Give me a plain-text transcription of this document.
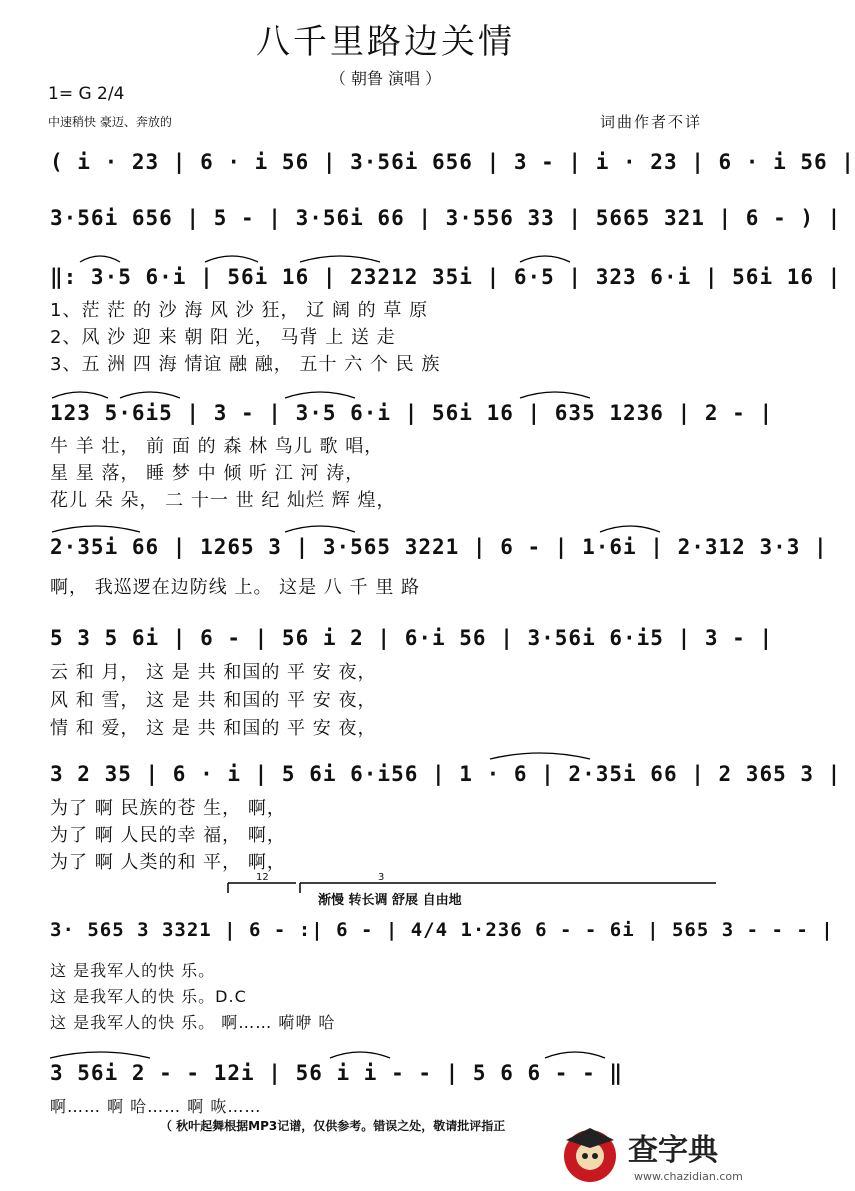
八千里路边关情
（ 朝鲁 演唱 ）
1= G 2/4
中速稍快 豪迈、奔放的	词曲作者不详
( i · 23 | 6 · i 56 | 3·56i 656 | 3 - | i · 23 | 6 · i 56 |
3·56i 656 | 5 - | 3·56i 66 | 3·556 33 | 5665 321 | 6 - ) |
‖: 3·5 6·i | 56i 16 | 23212 35i | 6·5 | 323 6·i | 56i 16 |
1、茫 茫 的 沙 海 风 沙 狂， 辽 阔 的 草 原
2、风 沙 迎 来 朝 阳 光， 马背 上 送 走
3、五 洲 四 海 情谊 融 融， 五十 六 个 民 族
123 5·6i5 | 3 - | 3·5 6·i | 56i 16 | 635 1236 | 2 - |
牛 羊 壮， 前 面 的 森 林 鸟儿 歌 唱，
星 星 落， 睡 梦 中 倾 听 江 河 涛，
花儿 朵 朵， 二 十一 世 纪 灿烂 辉 煌，
2·35i 66 | 1265 3 | 3·565 3221 | 6 - | 1·6i | 2·312 3·3 |
啊， 我巡逻在边防线 上。 这是 八 千 里 路
5 3 5 6i | 6 - | 56 i 2 | 6·i 56 | 3·56i 6·i5 | 3 - |
云 和 月， 这 是 共 和国的 平 安 夜，
风 和 雪， 这 是 共 和国的 平 安 夜，
情 和 爱， 这 是 共 和国的 平 安 夜，
3 2 35 | 6 · i | 5 6i 6·i56 | 1 · 6 | 2·35i 66 | 2 365 3 |
为了 啊 民族的苍 生， 啊，
为了 啊 人民的幸 福， 啊，
为了 啊 人类的和 平， 啊，
12	3
渐慢 转长调 舒展 自由地
3· 565 3 3321 | 6 - :| 6 - | 4/4 1·236 6 - - 6i | 565 3 - - - |
这 是我军人的快 乐。
这 是我军人的快 乐。D.C
这 是我军人的快 乐。 啊…… 嗬咿 哈
3 56i 2 - - 12i | 56 i i - - | 5 6 6 - - ‖
啊…… 啊 哈…… 啊 咴……
（ 秋叶起舞根据MP3记谱，仅供参考。错误之处，敬请批评指正
查字典
www.chazidian.com
